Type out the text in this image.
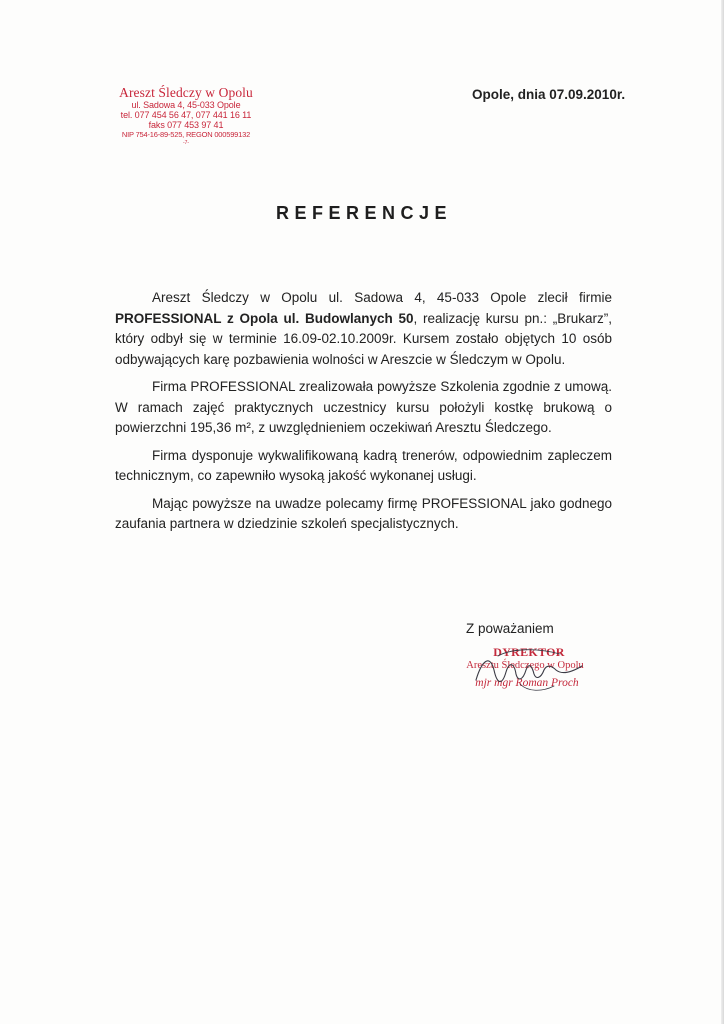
Areszt Śledczy w Opolu
ul. Sadowa 4, 45-033 Opole
tel. 077 454 56 47, 077 441 16 11
faks 077 453 97 41
NIP 754-16-89-525, REGON 000599132
-7-
Opole, dnia 07.09.2010r.
REFERENCJE

Areszt Śledczy w Opolu ul. Sadowa 4, 45-033 Opole zlecił firmie PROFESSIONAL z Opola ul. Budowlanych 50, realizację kursu pn.: „Brukarz”, który odbył się w terminie 16.09-02.10.2009r. Kursem zostało objętych 10 osób odbywających karę pozbawienia wolności w Areszcie w Śledczym w Opolu.

Firma PROFESSIONAL zrealizowała powyższe Szkolenia zgodnie z umową. W ramach zajęć praktycznych uczestnicy kursu położyli kostkę brukową o powierzchni 195,36 m², z uwzględnieniem oczekiwań Aresztu Śledczego.

Firma dysponuje wykwalifikowaną kadrą trenerów, odpowiednim zapleczem technicznym, co zapewniło wysoką jakość wykonanej usługi.

Mając powyższe na uwadze polecamy firmę PROFESSIONAL jako godnego zaufania partnera w dziedzinie szkoleń specjalistycznych.

Z poważaniem
DYREKTOR
Aresztu Śledczego w Opolu
mjr mgr Roman Proch
